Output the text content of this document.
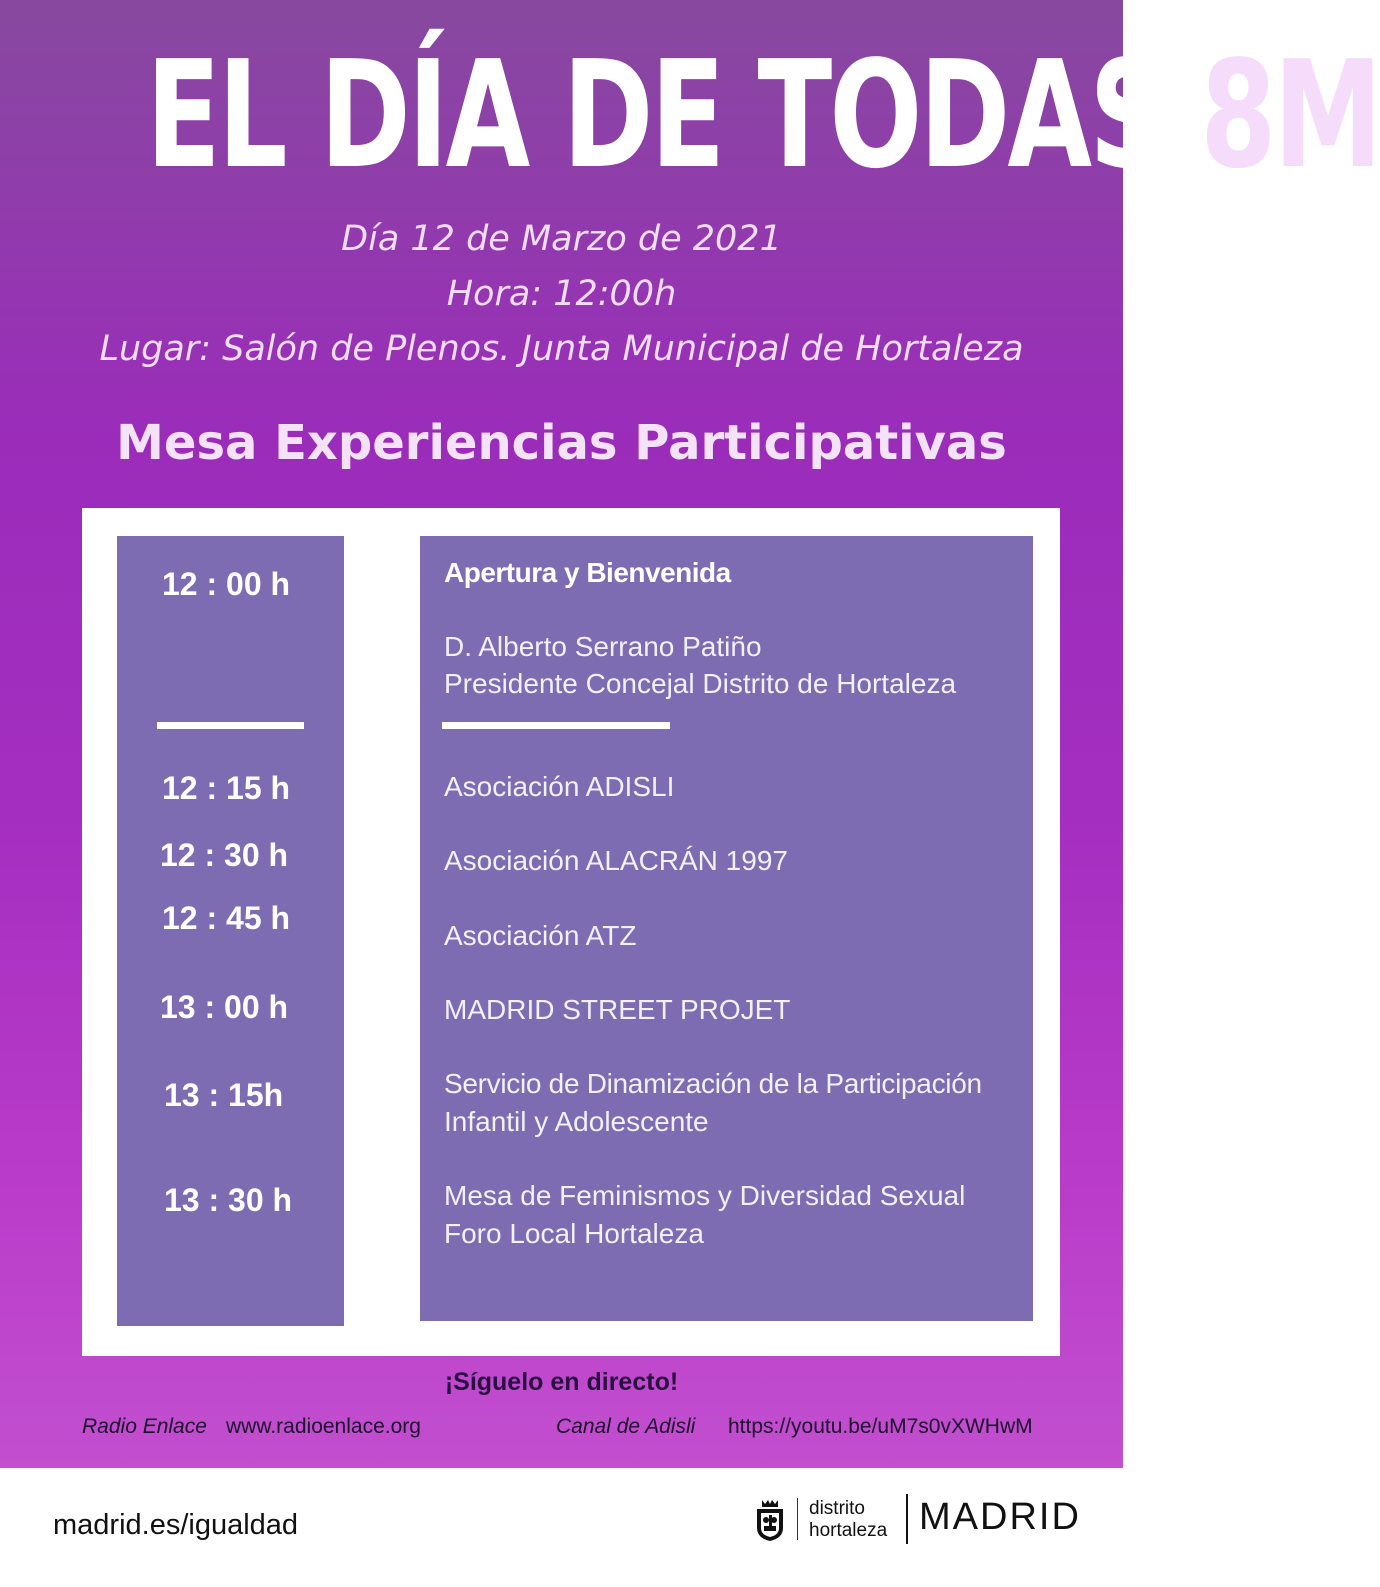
EL DÍA DE TODAS 8M
Día 12 de Marzo de 2021
Hora: 12:00h
Lugar: Salón de Plenos. Junta Municipal de Hortaleza
Mesa Experiencias Participativas
12 : 00 h
12 : 15 h
12 : 30 h
12 : 45 h
13 : 00 h
13 : 15h
13 : 30 h
Apertura y Bienvenida
D. Alberto Serrano Patiño
Presidente Concejal Distrito de Hortaleza
Asociación ADISLI
Asociación ALACRÁN 1997
Asociación ATZ
MADRID STREET PROJET
Servicio de Dinamización de la Participación
Infantil y Adolescente
Mesa de Feminismos y Diversidad Sexual
Foro Local Hortaleza
¡Síguelo en directo!
Radio Enlace www.radioenlace.org	Canal de Adisli https://youtu.be/uM7s0vXWHwM
madrid.es/igualdad
distrito
hortaleza MADRID
